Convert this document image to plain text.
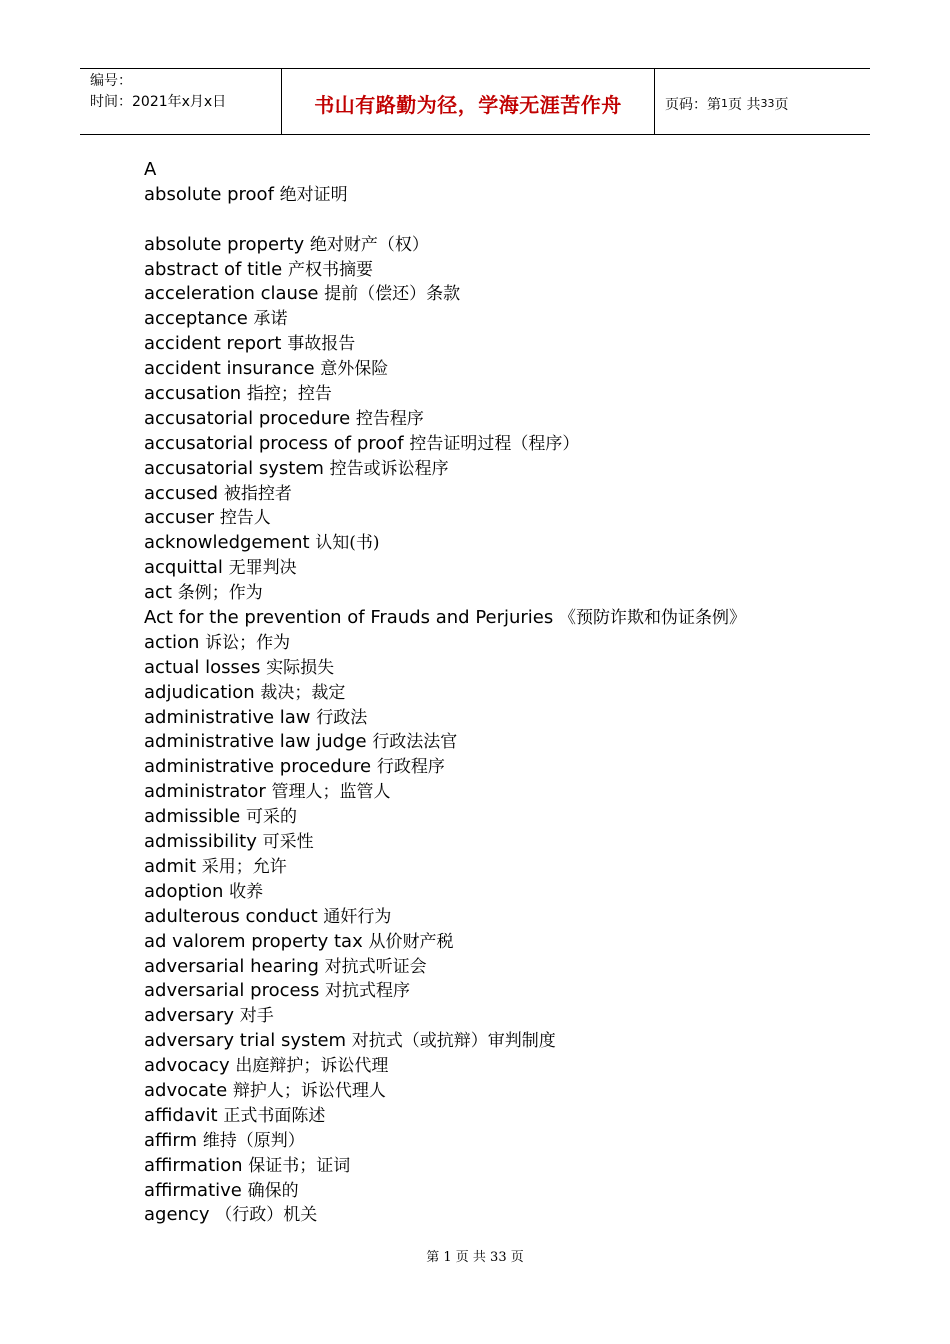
编号：
时间：2021年x月x日	书山有路勤为径，学海无涯苦作舟	页码：第 1 页 共 33 页
A
absolute proof 绝对证明
absolute property 绝对财产（权）
abstract of title 产权书摘要
acceleration clause 提前（偿还）条款
acceptance 承诺
accident report 事故报告
accident insurance 意外保险
accusation 指控；控告
accusatorial procedure 控告程序
accusatorial process of proof 控告证明过程（程序）
accusatorial system 控告或诉讼程序
accused 被指控者
accuser 控告人
acknowledgement 认知(书)
acquittal 无罪判决
act 条例；作为
Act for the prevention of Frauds and Perjuries 《预防诈欺和伪证条例》
action 诉讼；作为
actual losses 实际损失
adjudication 裁决；裁定
administrative law 行政法
administrative law judge 行政法法官
administrative procedure 行政程序
administrator 管理人；监管人
admissible 可采的
admissibility 可采性
admit 采用；允许
adoption 收养
adulterous conduct 通奸行为
ad valorem property tax 从价财产税
adversarial hearing 对抗式听证会
adversarial process 对抗式程序
adversary 对手
adversary trial system 对抗式（或抗辩）审判制度
advocacy 出庭辩护；诉讼代理
advocate 辩护人；诉讼代理人
affidavit 正式书面陈述
affirm 维持（原判）
affirmation 保证书；证词
affirmative 确保的
agency （行政）机关
第 1 页 共 33 页
